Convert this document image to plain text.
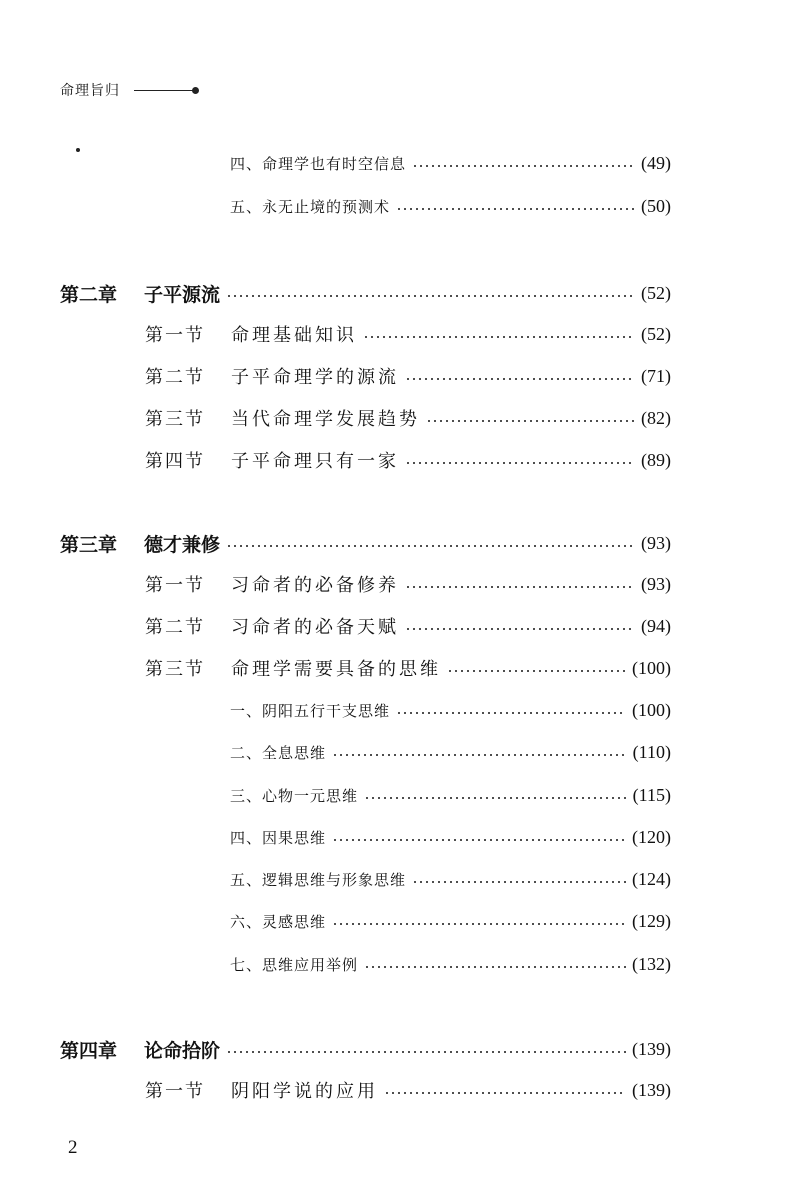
命理旨归
四、命理学也有时空信息	(49)
五、永无止境的预测术	(50)
第二章	子平源流	(52)
第一节	命理基础知识	(52)
第二节	子平命理学的源流	(71)
第三节	当代命理学发展趋势	(82)
第四节	子平命理只有一家	(89)
第三章	德才兼修	(93)
第一节	习命者的必备修养	(93)
第二节	习命者的必备天赋	(94)
第三节	命理学需要具备的思维	(100)
一、阴阳五行干支思维	(100)
二、全息思维	(110)
三、心物一元思维	(115)
四、因果思维	(120)
五、逻辑思维与形象思维	(124)
六、灵感思维	(129)
七、思维应用举例	(132)
第四章	论命拾阶	(139)
第一节	阴阳学说的应用	(139)
2
